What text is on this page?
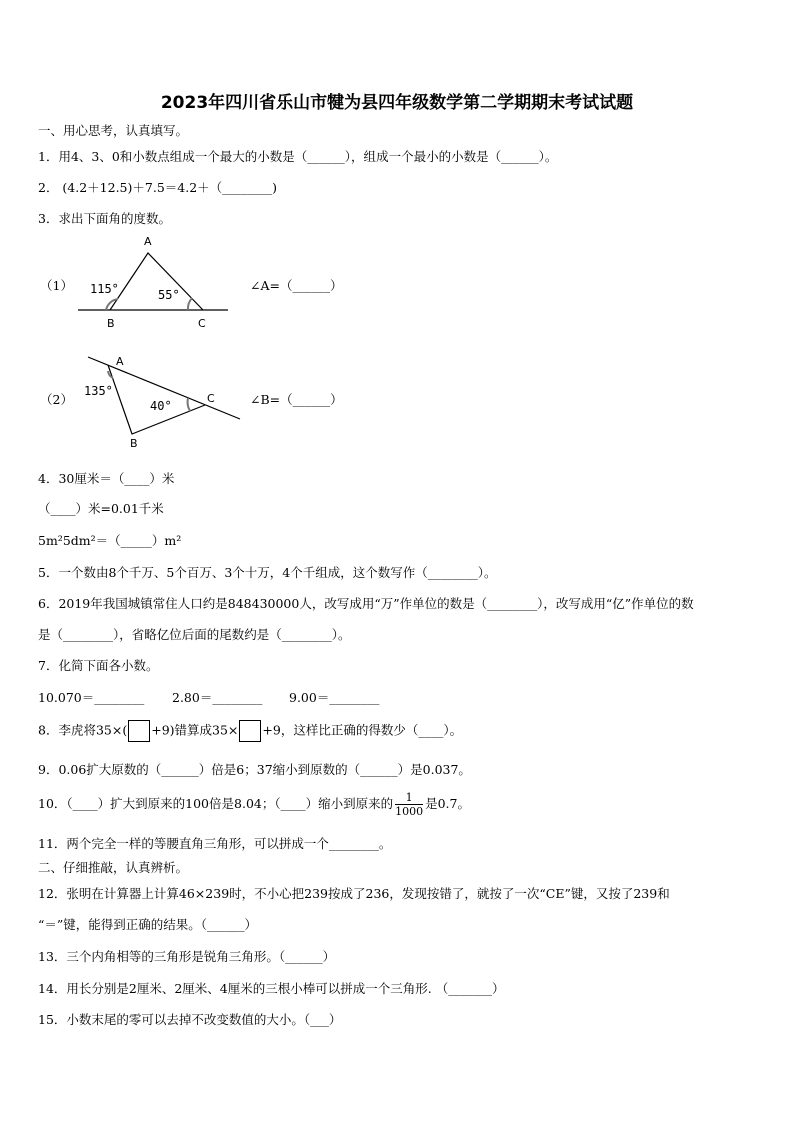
2023年四川省乐山市犍为县四年级数学第二学期期末考试试题
一、用心思考，认真填写。
1．用4、3、0和小数点组成一个最大的小数是（______），组成一个最小的小数是（______）。
2． (4.2＋12.5)＋7.5＝4.2＋（________)
3．求出下面角的度数。
（1）
A
B	C
115°	55°
∠A=（______）
（2）
A
B
C
135°
40°	∠B=（______）
4．30厘米＝（____）米
（____）米=0.01千米
5m²5dm²＝（_____）m²
5．一个数由8个千万、5个百万、3个十万，4个千组成，这个数写作（________）。
6．2019年我国城镇常住人口约是848430000人，改写成用“万”作单位的数是（________），改写成用“亿”作单位的数
是（________），省略亿位后面的尾数约是（________）。
7．化简下面各小数。
10.070＝________ 2.80＝________ 9.00＝________
8．李虎将35×( +9)错算成35× +9，这样比正确的得数少（____）。
9．0.06扩大原数的（______）倍是6；37缩小到原数的（______）是0.037。
10．（____）扩大到原来的100倍是8.04；（____）缩小到原来的 $\frac{1}{1000}$ 是0.7。
11．两个完全一样的等腰直角三角形，可以拼成一个________。
二、仔细推敲，认真辨析。
12．张明在计算器上计算46×239时，不小心把239按成了236，发现按错了，就按了一次“CE”键，又按了239和
“＝”键，能得到正确的结果。（______）
13．三个内角相等的三角形是锐角三角形。（______）
14．用长分别是2厘米、2厘米、4厘米的三根小棒可以拼成一个三角形. （_______）
15．小数末尾的零可以去掉不改变数值的大小。（___）
